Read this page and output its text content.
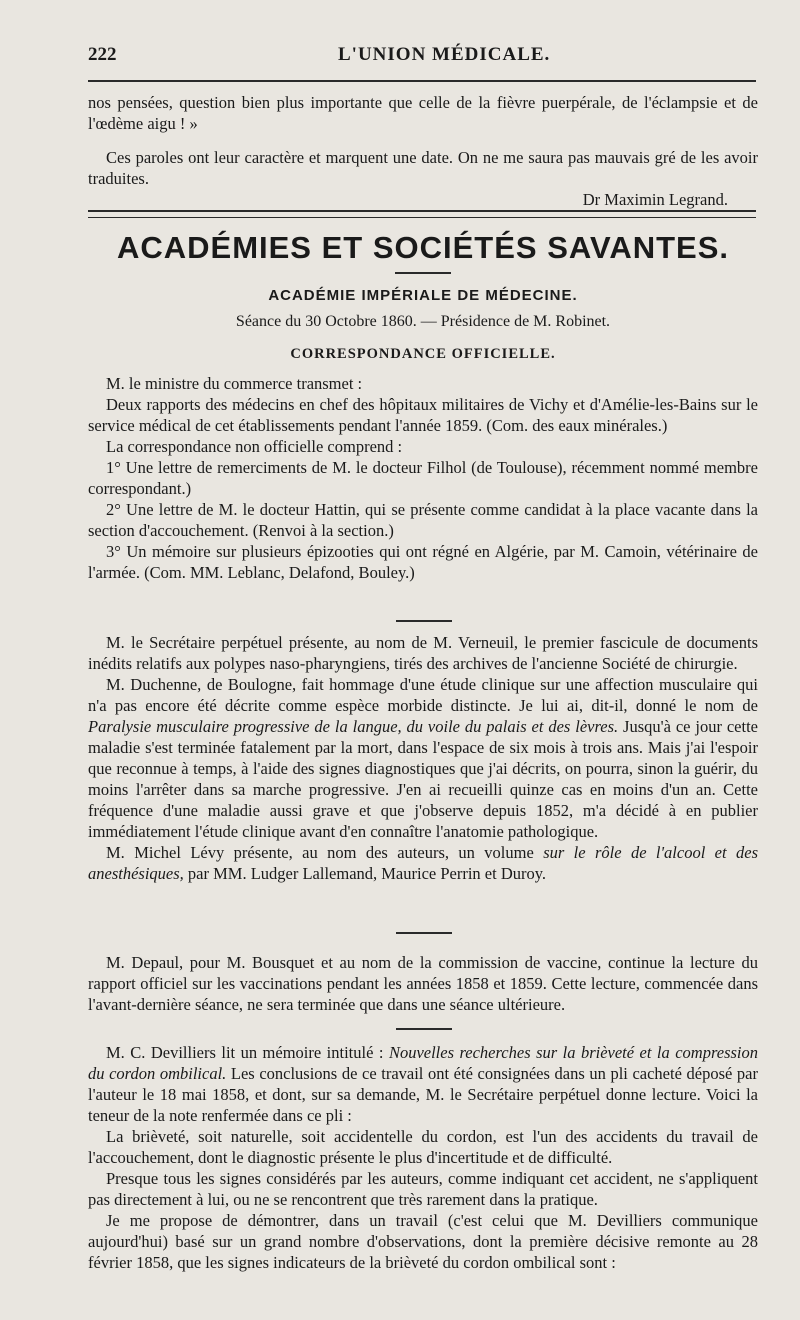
222	L'UNION MÉDICALE.

nos pensées, question bien plus importante que celle de la fièvre puerpérale, de l'éclampsie et de l'œdème aigu ! »

Ces paroles ont leur caractère et marquent une date. On ne me saura pas mauvais gré de les avoir traduites.

Dr Maximin Legrand.

ACADÉMIES ET SOCIÉTÉS SAVANTES.
ACADÉMIE IMPÉRIALE DE MÉDECINE.
Séance du 30 Octobre 1860. — Présidence de M. Robinet.
CORRESPONDANCE OFFICIELLE.

M. le ministre du commerce transmet :

Deux rapports des médecins en chef des hôpitaux militaires de Vichy et d'Amélie-les-Bains sur le service médical de cet établissements pendant l'année 1859. (Com. des eaux minérales.)

La correspondance non officielle comprend :

1° Une lettre de remerciments de M. le docteur Filhol (de Toulouse), récemment nommé membre correspondant.)

2° Une lettre de M. le docteur Hattin, qui se présente comme candidat à la place vacante dans la section d'accouchement. (Renvoi à la section.)

3° Un mémoire sur plusieurs épizooties qui ont régné en Algérie, par M. Camoin, vétérinaire de l'armée. (Com. MM. Leblanc, Delafond, Bouley.)

M. le Secrétaire perpétuel présente, au nom de M. Verneuil, le premier fascicule de documents inédits relatifs aux polypes naso-pharyngiens, tirés des archives de l'ancienne Société de chirurgie.

M. Duchenne, de Boulogne, fait hommage d'une étude clinique sur une affection musculaire qui n'a pas encore été décrite comme espèce morbide distincte. Je lui ai, dit-il, donné le nom de Paralysie musculaire progressive de la langue, du voile du palais et des lèvres. Jusqu'à ce jour cette maladie s'est terminée fatalement par la mort, dans l'espace de six mois à trois ans. Mais j'ai l'espoir que reconnue à temps, à l'aide des signes diagnostiques que j'ai décrits, on pourra, sinon la guérir, du moins l'arrêter dans sa marche progressive. J'en ai recueilli quinze cas en moins d'un an. Cette fréquence d'une maladie aussi grave et que j'observe depuis 1852, m'a décidé à en publier immédiatement l'étude clinique avant d'en connaître l'anatomie pathologique.

M. Michel Lévy présente, au nom des auteurs, un volume sur le rôle de l'alcool et des anesthésiques, par MM. Ludger Lallemand, Maurice Perrin et Duroy.

M. Depaul, pour M. Bousquet et au nom de la commission de vaccine, continue la lecture du rapport officiel sur les vaccinations pendant les années 1858 et 1859. Cette lecture, commencée dans l'avant-dernière séance, ne sera terminée que dans une séance ultérieure.

M. C. Devilliers lit un mémoire intitulé : Nouvelles recherches sur la brièveté et la compression du cordon ombilical. Les conclusions de ce travail ont été consignées dans un pli cacheté déposé par l'auteur le 18 mai 1858, et dont, sur sa demande, M. le Secrétaire perpétuel donne lecture. Voici la teneur de la note renfermée dans ce pli :

La brièveté, soit naturelle, soit accidentelle du cordon, est l'un des accidents du travail de l'accouchement, dont le diagnostic présente le plus d'incertitude et de difficulté.

Presque tous les signes considérés par les auteurs, comme indiquant cet accident, ne s'appliquent pas directement à lui, ou ne se rencontrent que très rarement dans la pratique.

Je me propose de démontrer, dans un travail (c'est celui que M. Devilliers communique aujourd'hui) basé sur un grand nombre d'observations, dont la première décisive remonte au 28 février 1858, que les signes indicateurs de la brièveté du cordon ombilical sont :
